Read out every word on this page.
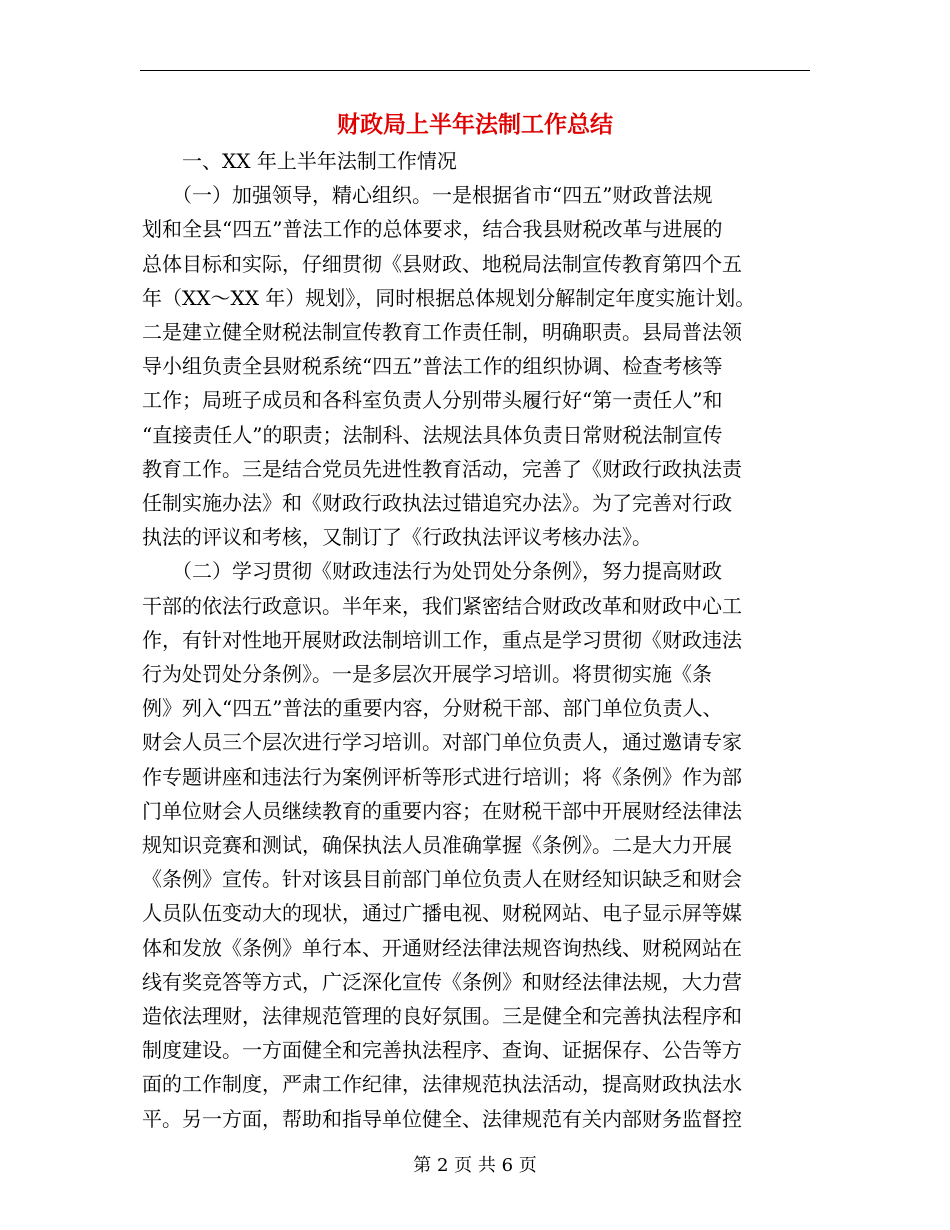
财政局上半年法制工作总结
　　一、XX 年上半年法制工作情况
　　（一）加强领导，精心组织。一是根据省市“四五”财政普法规
划和全县“四五”普法工作的总体要求，结合我县财税改革与进展的
总体目标和实际，仔细贯彻《县财政、地税局法制宣传教育第四个五
年（XX～XX 年）规划》，同时根据总体规划分解制定年度实施计划。
二是建立健全财税法制宣传教育工作责任制，明确职责。县局普法领
导小组负责全县财税系统“四五”普法工作的组织协调、检查考核等
工作；局班子成员和各科室负责人分别带头履行好“第一责任人”和
“直接责任人”的职责；法制科、法规法具体负责日常财税法制宣传
教育工作。三是结合党员先进性教育活动，完善了《财政行政执法责
任制实施办法》和《财政行政执法过错追究办法》。为了完善对行政
执法的评议和考核，又制订了《行政执法评议考核办法》。
　　（二）学习贯彻《财政违法行为处罚处分条例》，努力提高财政
干部的依法行政意识。半年来，我们紧密结合财政改革和财政中心工
作，有针对性地开展财政法制培训工作，重点是学习贯彻《财政违法
行为处罚处分条例》。一是多层次开展学习培训。将贯彻实施《条
例》列入“四五”普法的重要内容，分财税干部、部门单位负责人、
财会人员三个层次进行学习培训。对部门单位负责人，通过邀请专家
作专题讲座和违法行为案例评析等形式进行培训；将《条例》作为部
门单位财会人员继续教育的重要内容；在财税干部中开展财经法律法
规知识竞赛和测试，确保执法人员准确掌握《条例》。二是大力开展
《条例》宣传。针对该县目前部门单位负责人在财经知识缺乏和财会
人员队伍变动大的现状，通过广播电视、财税网站、电子显示屏等媒
体和发放《条例》单行本、开通财经法律法规咨询热线、财税网站在
线有奖竞答等方式，广泛深化宣传《条例》和财经法律法规，大力营
造依法理财，法律规范管理的良好氛围。三是健全和完善执法程序和
制度建设。一方面健全和完善执法程序、查询、证据保存、公告等方
面的工作制度，严肃工作纪律，法律规范执法活动，提高财政执法水
平。另一方面，帮助和指导单位健全、法律规范有关内部财务监督控
第 2 页 共 6 页
